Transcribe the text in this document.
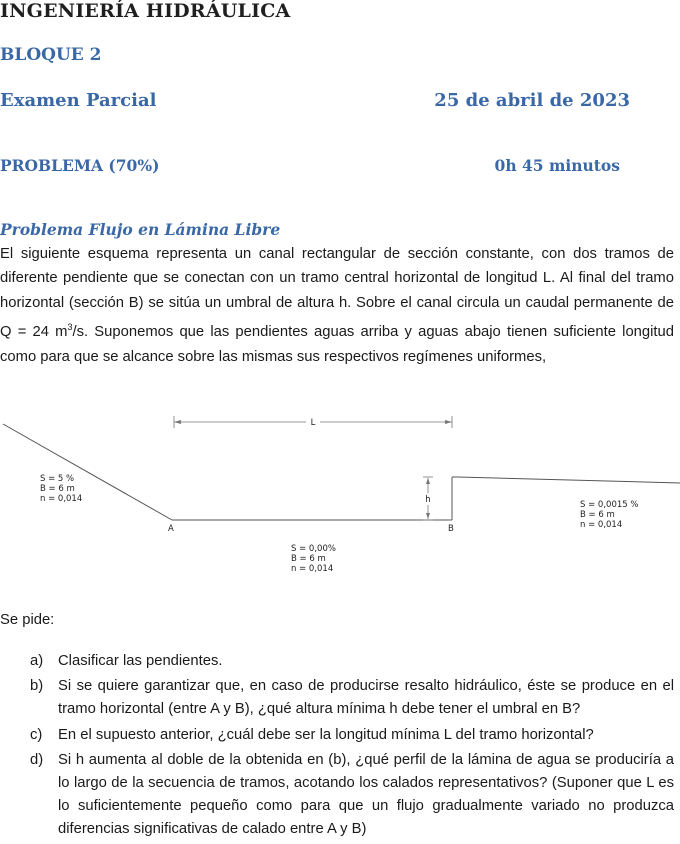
INGENIERÍA HIDRÁULICA
BLOQUE 2
Examen Parcial	25 de abril de 2023
PROBLEMA (70%)	0h 45 minutos
Problema Flujo en Lámina Libre
El siguiente esquema representa un canal rectangular de sección constante, con dos tramos de diferente pendiente que se conectan con un tramo central horizontal de longitud L. Al final del tramo horizontal (sección B) se sitúa un umbral de altura h. Sobre el canal circula un caudal permanente de Q = 24 $m^3/s$. Suponemos que las pendientes aguas arriba y aguas abajo tienen suficiente longitud como para que se alcance sobre las mismas sus respectivos regímenes uniformes,
L
h
A	B
S = 5 %
B = 6 m
n = 0,014
S = 0,00%
B = 6 m
n = 0,014
S = 0,0015 %
B = 6 m
n = 0,014
Se pide:
a) Clasificar las pendientes.
b) Si se quiere garantizar que, en caso de producirse resalto hidráulico, éste se produce en el tramo horizontal (entre A y B), ¿qué altura mínima h debe tener el umbral en B?
c) En el supuesto anterior, ¿cuál debe ser la longitud mínima L del tramo horizontal?
d) Si h aumenta al doble de la obtenida en (b), ¿qué perfil de la lámina de agua se produciría a lo largo de la secuencia de tramos, acotando los calados representativos? (Suponer que L es lo suficientemente pequeño como para que un flujo gradualmente variado no produzca diferencias significativas de calado entre A y B)
